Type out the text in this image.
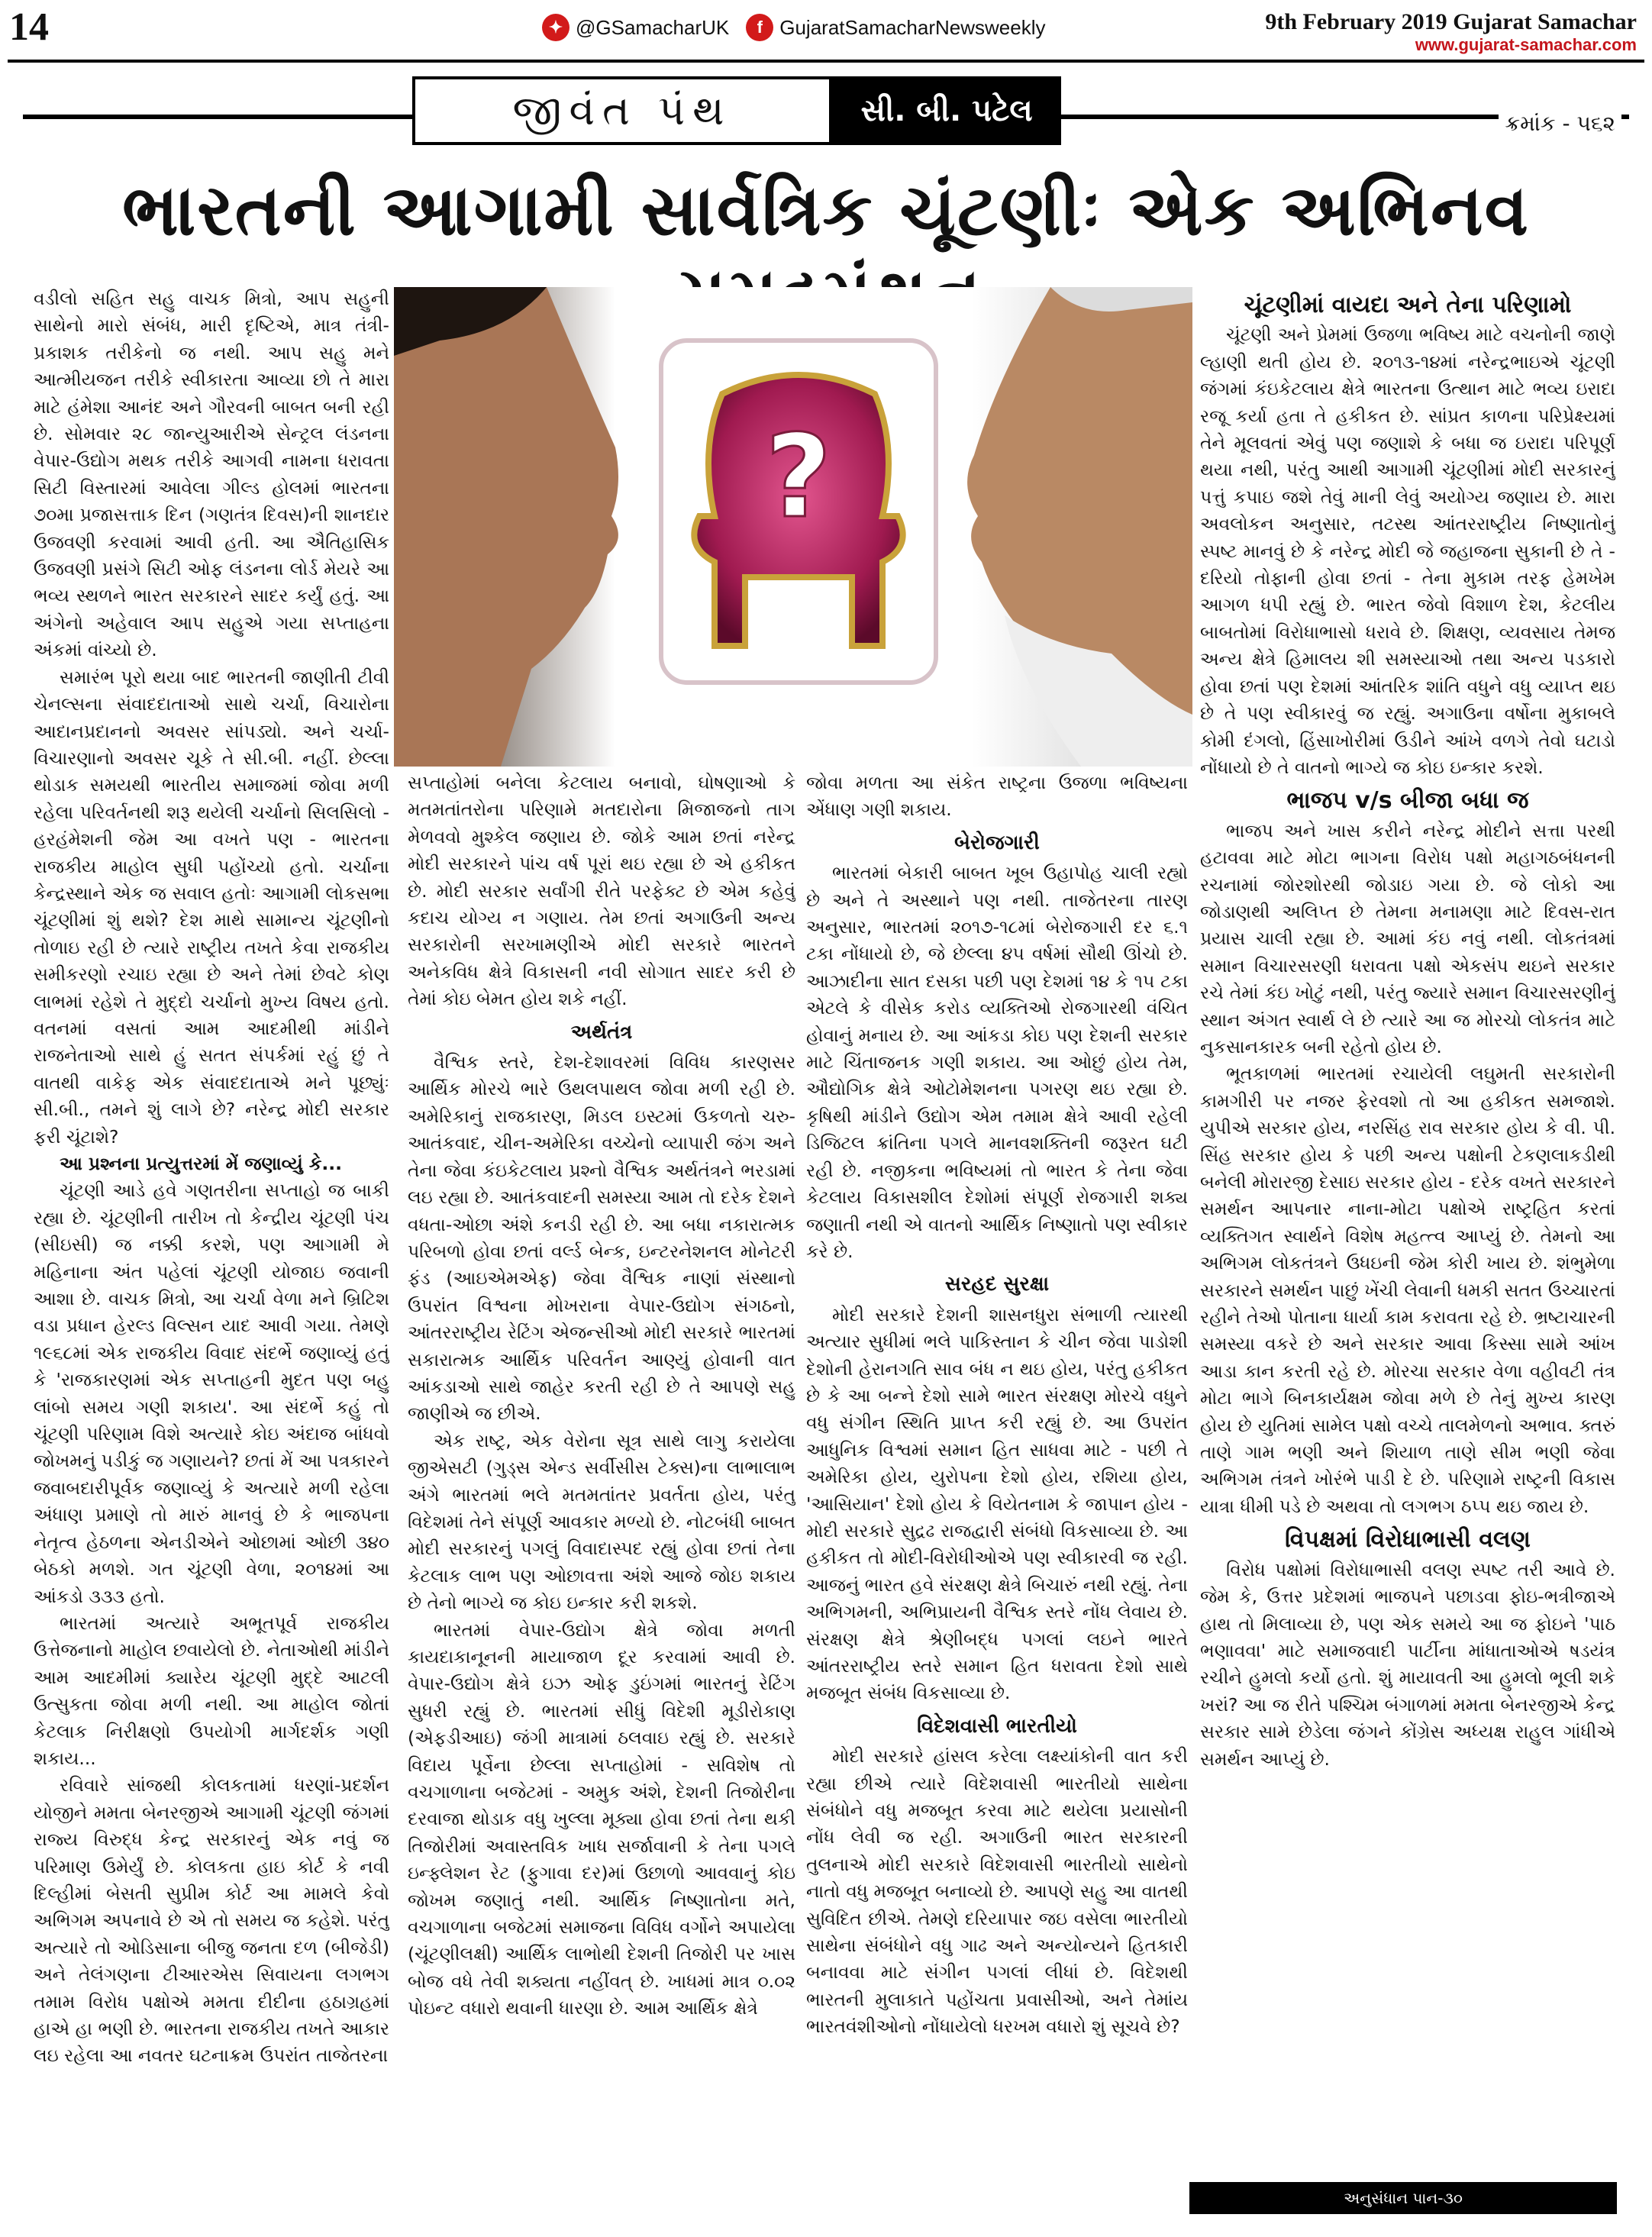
14	✦ @GSamacharUK	f GujaratSamacharNewsweekly	9th February 2019 Gujarat Samachar
www.gujarat-samachar.com
જીવંત પંથ	સી. બી. પટેલ	ક્રમાંક - ૫૬૨
ભારતની આગામી સાર્વત્રિક ચૂંટણીઃ એક અભિનવ
?

વડીલો સહિત સહુ વાચક મિત્રો, આપ સહુની સાથેનો મારો સંબંધ, મારી દૃષ્ટિએ, માત્ર તંત્રી-પ્રકાશક તરીકેનો જ નથી. આપ સહુ મને આત્મીયજન તરીકે સ્વીકારતા આવ્યા છો તે મારા માટે હંમેશા આનંદ અને ગૌરવની બાબત બની રહી છે. સોમવાર ૨૮ જાન્યુઆરીએ સેન્ટ્રલ લંડનના વેપાર-ઉદ્યોગ મથક તરીકે આગવી નામના ધરાવતા સિટી વિસ્તારમાં આવેલા ગીલ્ડ હોલમાં ભારતના ૭૦મા પ્રજાસત્તાક દિન (ગણતંત્ર દિવસ)ની શાનદાર ઉજવણી કરવામાં આવી હતી. આ ઐતિહાસિક ઉજવણી પ્રસંગે સિટી ઓફ લંડનના લોર્ડ મેયરે આ ભવ્ય સ્થળને ભારત સરકારને સાદર કર્યું હતું. આ અંગેનો અહેવાલ આપ સહુએ ગયા સપ્તાહના અંકમાં વાંચ્યો છે.

સમારંભ પૂરો થયા બાદ ભારતની જાણીતી ટીવી ચેનલ્સના સંવાદદાતાઓ સાથે ચર્ચા, વિચારોના આદાનપ્રદાનનો અવસર સાંપડ્યો. અને ચર્ચા-વિચારણાનો અવસર ચૂકે તે સી.બી. નહીં. છેલ્લા થોડાક સમયથી ભારતીય સમાજમાં જોવા મળી રહેલા પરિવર્તનથી શરૂ થયેલી ચર્ચાનો સિલસિલો - હરહંમેશની જેમ આ વખતે પણ - ભારતના રાજકીય માહોલ સુધી પહોંચ્યો હતો. ચર્ચાના કેન્દ્રસ્થાને એક જ સવાલ હતોઃ આગામી લોકસભા ચૂંટણીમાં શું થશે? દેશ માથે સામાન્ય ચૂંટણીનો તોળાઇ રહી છે ત્યારે રાષ્ટ્રીય તખતે કેવા રાજકીય સમીકરણો રચાઇ રહ્યા છે અને તેમાં છેવટે કોણ લાભમાં રહેશે તે મુદ્દો ચર્ચાનો મુખ્ય વિષય હતો. વતનમાં વસતાં આમ આદમીથી માંડીને રાજનેતાઓ સાથે હું સતત સંપર્કમાં રહું છું તે વાતથી વાકેફ એક સંવાદદાતાએ મને પૂછ્યુંઃ સી.બી., તમને શું લાગે છે? નરેન્દ્ર મોદી સરકાર ફરી ચૂંટાશે?

આ પ્રશ્નના પ્રત્યુત્તરમાં મેં જણાવ્યું કે...

ચૂંટણી આડે હવે ગણતરીના સપ્તાહો જ બાકી રહ્યા છે. ચૂંટણીની તારીખ તો કેન્દ્રીય ચૂંટણી પંચ (સીઇસી) જ નક્કી કરશે, પણ આગામી મે મહિનાના અંત પહેલાં ચૂંટણી યોજાઇ જવાની આશા છે. વાચક મિત્રો, આ ચર્ચા વેળા મને બ્રિટિશ વડા પ્રધાન હેરલ્ડ વિલ્સન યાદ આવી ગયા. તેમણે ૧૯૬૮માં એક રાજકીય વિવાદ સંદર્ભે જણાવ્યું હતું કે 'રાજકારણમાં એક સપ્તાહની મુદત પણ બહુ લાંબો સમય ગણી શકાય'. આ સંદર્ભે કહું તો ચૂંટણી પરિણામ વિશે અત્યારે કોઇ અંદાજ બાંધવો જોખમનું પડીકું જ ગણાયને? છતાં મેં આ પત્રકારને જવાબદારીપૂર્વક જણાવ્યું કે અત્યારે મળી રહેલા અંધાણ પ્રમાણે તો મારું માનવું છે કે ભાજપના નેતૃત્વ હેઠળના એનડીએને ઓછામાં ઓછી ૩૪૦ બેઠકો મળશે. ગત ચૂંટણી વેળા, ૨૦૧૪માં આ આંકડો ૩૩૩ હતો.

ભારતમાં અત્યારે અભૂતપૂર્વ રાજકીય ઉત્તેજનાનો માહોલ છવાયેલો છે. નેતાઓથી માંડીને આમ આદમીમાં ક્યારેય ચૂંટણી મુદ્દે આટલી ઉત્સુકતા જોવા મળી નથી. આ માહોલ જોતાં કેટલાક નિરીક્ષણો ઉપયોગી માર્ગદર્શક ગણી શકાય...

રવિવારે સાંજથી કોલકતામાં ધરણાં-પ્રદર્શન યોજીને મમતા બેનરજીએ આગામી ચૂંટણી જંગમાં રાજ્ય વિરુદ્ધ કેન્દ્ર સરકારનું એક નવું જ પરિમાણ ઉમેર્યું છે. કોલકતા હાઇ કોર્ટ કે નવી દિલ્હીમાં બેસતી સુપ્રીમ કોર્ટ આ મામલે કેવો અભિગમ અપનાવે છે એ તો સમય જ કહેશે. પરંતુ અત્યારે તો ઓડિસાના બીજુ જનતા દળ (બીજેડી) અને તેલંગણના ટીઆરએસ સિવાયના લગભગ તમામ વિરોધ પક્ષોએ મમતા દીદીના હઠાગ્રહમાં હાએ હા ભણી છે. ભારતના રાજકીય તખતે આકાર લઇ રહેલા આ નવતર ઘટનાક્રમ ઉપરાંત તાજેતરના

સપ્તાહોમાં બનેલા કેટલાય બનાવો, ઘોષણાઓ કે મતમતાંતરોના પરિણામે મતદારોના મિજાજનો તાગ મેળવવો મુશ્કેલ જણાય છે. જોકે આમ છતાં નરેન્દ્ર મોદી સરકારને પાંચ વર્ષ પૂરાં થઇ રહ્યા છે એ હકીકત છે. મોદી સરકાર સર્વાંગી રીતે પરફેક્ટ છે એમ કહેવું કદાચ યોગ્ય ન ગણાય. તેમ છતાં અગાઉની અન્ય સરકારોની સરખામણીએ મોદી સરકારે ભારતને અનેકવિધ ક્ષેત્રે વિકાસની નવી સોગાત સાદર કરી છે તેમાં કોઇ બેમત હોય શકે નહીં.

અર્થતંત્ર

વૈશ્વિક સ્તરે, દેશ-દેશાવરમાં વિવિધ કારણસર આર્થિક મોરચે ભારે ઉથલપાથલ જોવા મળી રહી છે. અમેરિકાનું રાજકારણ, મિડલ ઇસ્ટમાં ઉકળતો ચરુ-આતંકવાદ, ચીન-અમેરિકા વચ્ચેનો વ્યાપારી જંગ અને તેના જેવા કંઇકેટલાય પ્રશ્નો વૈશ્વિક અર્થતંત્રને ભરડામાં લઇ રહ્યા છે. આતંકવાદની સમસ્યા આમ તો દરેક દેશને વધતા-ઓછા અંશે કનડી રહી છે. આ બધા નકારાત્મક પરિબળો હોવા છતાં વર્લ્ડ બેન્ક, ઇન્ટરનેશનલ મોનેટરી ફંડ (આઇએમએફ) જેવા વૈશ્વિક નાણાં સંસ્થાનો ઉપરાંત વિશ્વના મોખરાના વેપાર-ઉદ્યોગ સંગઠનો, આંતરરાષ્ટ્રીય રેટિંગ એજન્સીઓ મોદી સરકારે ભારતમાં સકારાત્મક આર્થિક પરિવર્તન આણ્યું હોવાની વાત આંકડાઓ સાથે જાહેર કરતી રહી છે તે આપણે સહુ જાણીએ જ છીએ.

એક રાષ્ટ્ર, એક વેરોના સૂત્ર સાથે લાગુ કરાયેલા જીએસટી (ગુડ્સ એન્ડ સર્વીસીસ ટેક્સ)ના લાભાલાભ અંગે ભારતમાં ભલે મતમતાંતર પ્રવર્તતા હોય, પરંતુ વિદેશમાં તેને સંપૂર્ણ આવકાર મળ્યો છે. નોટબંધી બાબત મોદી સરકારનું પગલું વિવાદાસ્પદ રહ્યું હોવા છતાં તેના કેટલાક લાભ પણ ઓછાવત્તા અંશે આજે જોઇ શકાય છે તેનો ભાગ્યે જ કોઇ ઇન્કાર કરી શકશે.

ભારતમાં વેપાર-ઉદ્યોગ ક્ષેત્રે જોવા મળતી કાયદાકાનૂનની માયાજાળ દૂર કરવામાં આવી છે. વેપાર-ઉદ્યોગ ક્ષેત્રે ઇઝ ઓફ ડુઇંગમાં ભારતનું રેટિંગ સુધરી રહ્યું છે. ભારતમાં સીધું વિદેશી મૂડીરોકાણ (એફડીઆઇ) જંગી માત્રામાં ઠલવાઇ રહ્યું છે. સરકારે વિદાય પૂર્વેના છેલ્લા સપ્તાહોમાં - સવિશેષ તો વચગાળાના બજેટમાં - અમુક અંશે, દેશની તિજોરીના દરવાજા થોડાક વધુ ખુલ્લા મૂક્યા હોવા છતાં તેના થકી તિજોરીમાં અવાસ્તવિક ખાધ સર્જાવાની કે તેના પગલે ઇન્ફ્લેશન રેટ (ફુગાવા દર)માં ઉછાળો આવવાનું કોઇ જોખમ જણાતું નથી. આર્થિક નિષ્ણાતોના મતે, વચગાળાના બજેટમાં સમાજના વિવિધ વર્ગોને અપાયેલા (ચૂંટણીલક્ષી) આર્થિક લાભોથી દેશની તિજોરી પર ખાસ બોજ વધે તેવી શક્યતા નહીંવત્ છે. ખાધમાં માત્ર ૦.૦૨ પોઇન્ટ વધારો થવાની ધારણા છે. આમ આર્થિક ક્ષેત્રે

જોવા મળતા આ સંકેત રાષ્ટ્રના ઉજળા ભવિષ્યના એંધાણ ગણી શકાય.

બેરોજગારી

ભારતમાં બેકારી બાબત ખૂબ ઉહાપોહ ચાલી રહ્યો છે અને તે અસ્થાને પણ નથી. તાજેતરના તારણ અનુસાર, ભારતમાં ૨૦૧૭-૧૮માં બેરોજગારી દર ૬.૧ ટકા નોંધાયો છે, જે છેલ્લા ૪૫ વર્ષમાં સૌથી ઊંચો છે. આઝાદીના સાત દસકા પછી પણ દેશમાં ૧૪ કે ૧૫ ટકા એટલે કે વીસેક કરોડ વ્યક્તિઓ રોજગારથી વંચિત હોવાનું મનાય છે. આ આંકડા કોઇ પણ દેશની સરકાર માટે ચિંતાજનક ગણી શકાય. આ ઓછું હોય તેમ, ઔદ્યોગિક ક્ષેત્રે ઓટોમેશનના પગરણ થઇ રહ્યા છે. કૃષિથી માંડીને ઉદ્યોગ એમ તમામ ક્ષેત્રે આવી રહેલી ડિજિટલ ક્રાંતિના પગલે માનવશક્તિની જરૂરત ઘટી રહી છે. નજીકના ભવિષ્યમાં તો ભારત કે તેના જેવા કેટલાય વિકાસશીલ દેશોમાં સંપૂર્ણ રોજગારી શક્ય જણાતી નથી એ વાતનો આર્થિક નિષ્ણાતો પણ સ્વીકાર કરે છે.

સરહદ સુરક્ષા

મોદી સરકારે દેશની શાસનધુરા સંભાળી ત્યારથી અત્યાર સુધીમાં ભલે પાકિસ્તાન કે ચીન જેવા પાડોશી દેશોની હેરાનગતિ સાવ બંધ ન થઇ હોય, પરંતુ હકીકત છે કે આ બન્ને દેશો સામે ભારત સંરક્ષણ મોરચે વધુને વધુ સંગીન સ્થિતિ પ્રાપ્ત કરી રહ્યું છે. આ ઉપરાંત આધુનિક વિશ્વમાં સમાન હિત સાધવા માટે - પછી તે અમેરિકા હોય, યુરોપના દેશો હોય, રશિયા હોય, 'આસિયાન' દેશો હોય કે વિયેતનામ કે જાપાન હોય - મોદી સરકારે સુદ્રઢ રાજદ્વારી સંબંધો વિકસાવ્યા છે. આ હકીકત તો મોદી-વિરોધીઓએ પણ સ્વીકારવી જ રહી. આજનું ભારત હવે સંરક્ષણ ક્ષેત્રે બિચારું નથી રહ્યું. તેના અભિગમની, અભિપ્રાયની વૈશ્વિક સ્તરે નોંધ લેવાય છે. સંરક્ષણ ક્ષેત્રે શ્રેણીબદ્ધ પગલાં લઇને ભારતે આંતરરાષ્ટ્રીય સ્તરે સમાન હિત ધરાવતા દેશો સાથે મજબૂત સંબંધ વિકસાવ્યા છે.

વિદેશવાસી ભારતીયો

મોદી સરકારે હાંસલ કરેલા લક્ષ્યાંકોની વાત કરી રહ્યા છીએ ત્યારે વિદેશવાસી ભારતીયો સાથેના સંબંધોને વધુ મજબૂત કરવા માટે થયેલા પ્રયાસોની નોંધ લેવી જ રહી. અગાઉની ભારત સરકારની તુલનાએ મોદી સરકારે વિદેશવાસી ભારતીયો સાથેનો નાતો વધુ મજબૂત બનાવ્યો છે. આપણે સહુ આ વાતથી સુવિદિત છીએ. તેમણે દરિયાપાર જઇ વસેલા ભારતીયો સાથેના સંબંધોને વધુ ગાઢ અને અન્યોન્યને હિતકારી બનાવવા માટે સંગીન પગલાં લીધાં છે. વિદેશથી ભારતની મુલાકાતે પહોંચતા પ્રવાસીઓ, અને તેમાંય ભારતવંશીઓનો નોંધાયેલો ધરખમ વધારો શું સૂચવે છે?

ચૂંટણીમાં વાયદા અને તેના પરિણામો

ચૂંટણી અને પ્રેમમાં ઉજળા ભવિષ્ય માટે વચનોની જાણે લ્હાણી થતી હોય છે. ૨૦૧૩-૧૪માં નરેન્દ્રભાઇએ ચૂંટણી જંગમાં કંઇકેટલાય ક્ષેત્રે ભારતના ઉત્થાન માટે ભવ્ય ઇરાદા રજૂ કર્યા હતા તે હકીકત છે. સાંપ્રત કાળના પરિપ્રેક્ષ્યમાં તેને મૂલવતાં એવું પણ જણાશે કે બધા જ ઇરાદા પરિપૂર્ણ થયા નથી, પરંતુ આથી આગામી ચૂંટણીમાં મોદી સરકારનું પત્તું કપાઇ જશે તેવું માની લેવું અયોગ્ય જણાય છે. મારા અવલોકન અનુસાર, તટસ્થ આંતરરાષ્ટ્રીય નિષ્ણાતોનું સ્પષ્ટ માનવું છે કે નરેન્દ્ર મોદી જે જહાજના સુકાની છે તે - દરિયો તોફાની હોવા છતાં - તેના મુકામ તરફ હેમખેમ આગળ ધપી રહ્યું છે. ભારત જેવો વિશાળ દેશ, કેટલીય બાબતોમાં વિરોધાભાસો ધરાવે છે. શિક્ષણ, વ્યવસાય તેમજ અન્ય ક્ષેત્રે હિમાલય શી સમસ્યાઓ તથા અન્ય પડકારો હોવા છતાં પણ દેશમાં આંતરિક શાંતિ વધુને વધુ વ્યાપ્ત થઇ છે તે પણ સ્વીકારવું જ રહ્યું. અગાઉના વર્ષોના મુકાબલે કોમી દંગલો, હિંસાખોરીમાં ઉડીને આંખે વળગે તેવો ઘટાડો નોંધાયો છે તે વાતનો ભાગ્યે જ કોઇ ઇન્કાર કરશે.

ભાજપ v/s બીજા બધા જ

ભાજપ અને ખાસ કરીને નરેન્દ્ર મોદીને સત્તા પરથી હટાવવા માટે મોટા ભાગના વિરોધ પક્ષો મહાગઠબંધનની રચનામાં જોરશોરથી જોડાઇ ગયા છે. જે લોકો આ જોડાણથી અલિપ્ત છે તેમના મનામણા માટે દિવસ-રાત પ્રયાસ ચાલી રહ્યા છે. આમાં કંઇ નવું નથી. લોકતંત્રમાં સમાન વિચારસરણી ધરાવતા પક્ષો એકસંપ થઇને સરકાર રચે તેમાં કંઇ ખોટું નથી, પરંતુ જ્યારે સમાન વિચારસરણીનું સ્થાન અંગત સ્વાર્થ લે છે ત્યારે આ જ મોરચો લોકતંત્ર માટે નુકસાનકારક બની રહેતો હોય છે.

ભૂતકાળમાં ભારતમાં રચાયેલી લઘુમતી સરકારોની કામગીરી પર નજર ફેરવશો તો આ હકીકત સમજાશે. યુપીએ સરકાર હોય, નરસિંહ રાવ સરકાર હોય કે વી. પી. સિંહ સરકાર હોય કે પછી અન્ય પક્ષોની ટેકણલાકડીથી બનેલી મોરારજી દેસાઇ સરકાર હોય - દરેક વખતે સરકારને સમર્થન આપનાર નાના-મોટા પક્ષોએ રાષ્ટ્રહિત કરતાં વ્યક્તિગત સ્વાર્થને વિશેષ મહત્ત્વ આપ્યું છે. તેમનો આ અભિગમ લોકતંત્રને ઉધઇની જેમ કોરી ખાય છે. શંભુમેળા સરકારને સમર્થન પાછું ખેંચી લેવાની ધમકી સતત ઉચ્ચારતાં રહીને તેઓ પોતાના ધાર્યા કામ કરાવતા રહે છે. ભ્રષ્ટાચારની સમસ્યા વકરે છે અને સરકાર આવા કિસ્સા સામે આંખ આડા કાન કરતી રહે છે. મોરચા સરકાર વેળા વહીવટી તંત્ર મોટા ભાગે બિનકાર્યક્ષમ જોવા મળે છે તેનું મુખ્ય કારણ હોય છે યુતિમાં સામેલ પક્ષો વચ્ચે તાલમેળનો અભાવ. ક્તરું તાણે ગામ ભણી અને શિયાળ તાણે સીમ ભણી જેવા અભિગમ તંત્રને ખોરંભે પાડી દે છે. પરિણામે રાષ્ટ્રની વિકાસ યાત્રા ધીમી પડે છે અથવા તો લગભગ ઠપ્પ થઇ જાય છે.

વિપક્ષમાં વિરોધાભાસી વલણ

વિરોધ પક્ષોમાં વિરોધાભાસી વલણ સ્પષ્ટ તરી આવે છે. જેમ કે, ઉત્તર પ્રદેશમાં ભાજપને પછાડવા ફોઇ-ભત્રીજાએ હાથ તો મિલાવ્યા છે, પણ એક સમયે આ જ ફોઇને 'પાઠ ભણાવવા' માટે સમાજવાદી પાર્ટીના માંધાતાઓએ ષડયંત્ર રચીને હુમલો કર્યો હતો. શું માયાવતી આ હુમલો ભૂલી શકે ખરાં? આ જ રીતે પશ્ચિમ બંગાળમાં મમતા બેનરજીએ કેન્દ્ર સરકાર સામે છેડેલા જંગને કોંગ્રેસ અધ્યક્ષ રાહુલ ગાંધીએ સમર્થન આપ્યું છે.

અનુસંધાન પાન-૩૦
